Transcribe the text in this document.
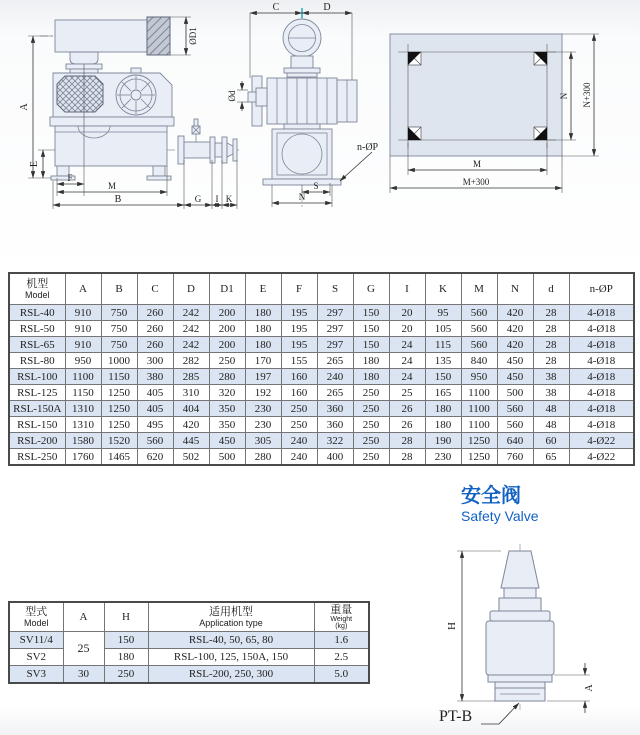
A
E
ØD1
F
M
B	G I K
C	D
Ød
n-ØP
S
N
N N+300
M
M+300
机型
Model	A	B	C	D	D1	E	F	S	G	I	K	M	N	d	n-ØP
RSL-40	910	750	260	242	200	180	195	297	150	20	95	560	420	28	4-Ø18
RSL-50	910	750	260	242	200	180	195	297	150	20	105	560	420	28	4-Ø18
RSL-65	910	750	260	242	200	180	195	297	150	24	115	560	420	28	4-Ø18
RSL-80	950	1000	300	282	250	170	155	265	180	24	135	840	450	28	4-Ø18
RSL-100	1100	1150	380	285	280	197	160	240	180	24	150	950	450	38	4-Ø18
RSL-125	1150	1250	405	310	320	192	160	265	250	25	165	1100	500	38	4-Ø18
RSL-150A	1310	1250	405	404	350	230	250	360	250	26	180	1100	560	48	4-Ø18
RSL-150	1310	1250	495	420	350	230	250	360	250	26	180	1100	560	48	4-Ø18
RSL-200	1580	1520	560	445	450	305	240	322	250	28	190	1250	640	60	4-Ø22
RSL-250	1760	1465	620	502	500	280	240	400	250	28	230	1250	760	65	4-Ø22
安全阀
Safety Valve
型式
Model	A	H	适用机型
Application type	重量
Weight
(kg)

SV11/4	25	150	RSL-40, 50, 65, 80	1.6
SV2		180	RSL-100, 125, 150A, 150	2.5
SV3	30	250	RSL-200, 250, 300	5.0
H
A
PT-B
